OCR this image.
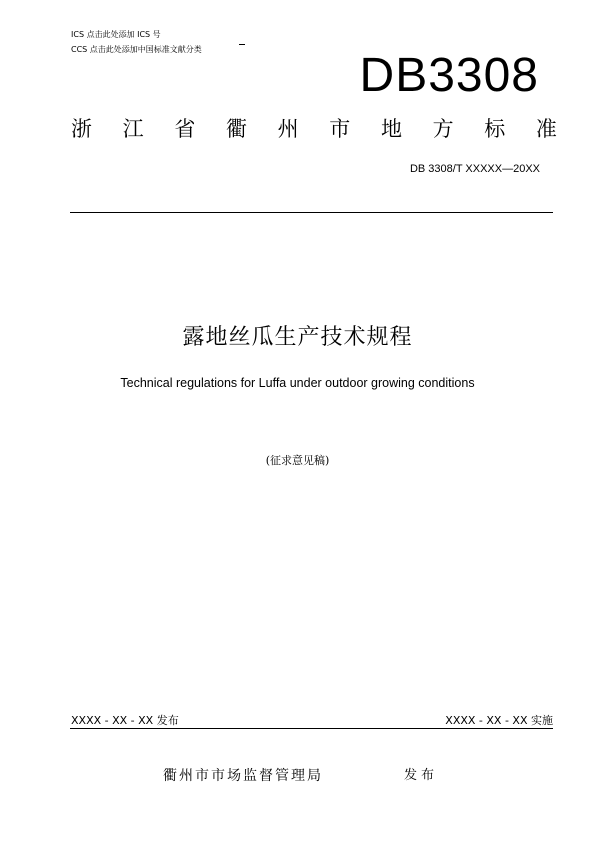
ICS 点击此处添加 ICS 号
CCS 点击此处添加中国标准文献分类	DB3308
浙 江 省 衢 州 市 地 方 标 准
DB 3308/T XXXXX—20XX
露地丝瓜生产技术规程
Technical regulations for Luffa under outdoor growing conditions
(征求意见稿)
XXXX - XX - XX 发布	XXXX - XX - XX 实施
衢州市市场监督管理局	发布
